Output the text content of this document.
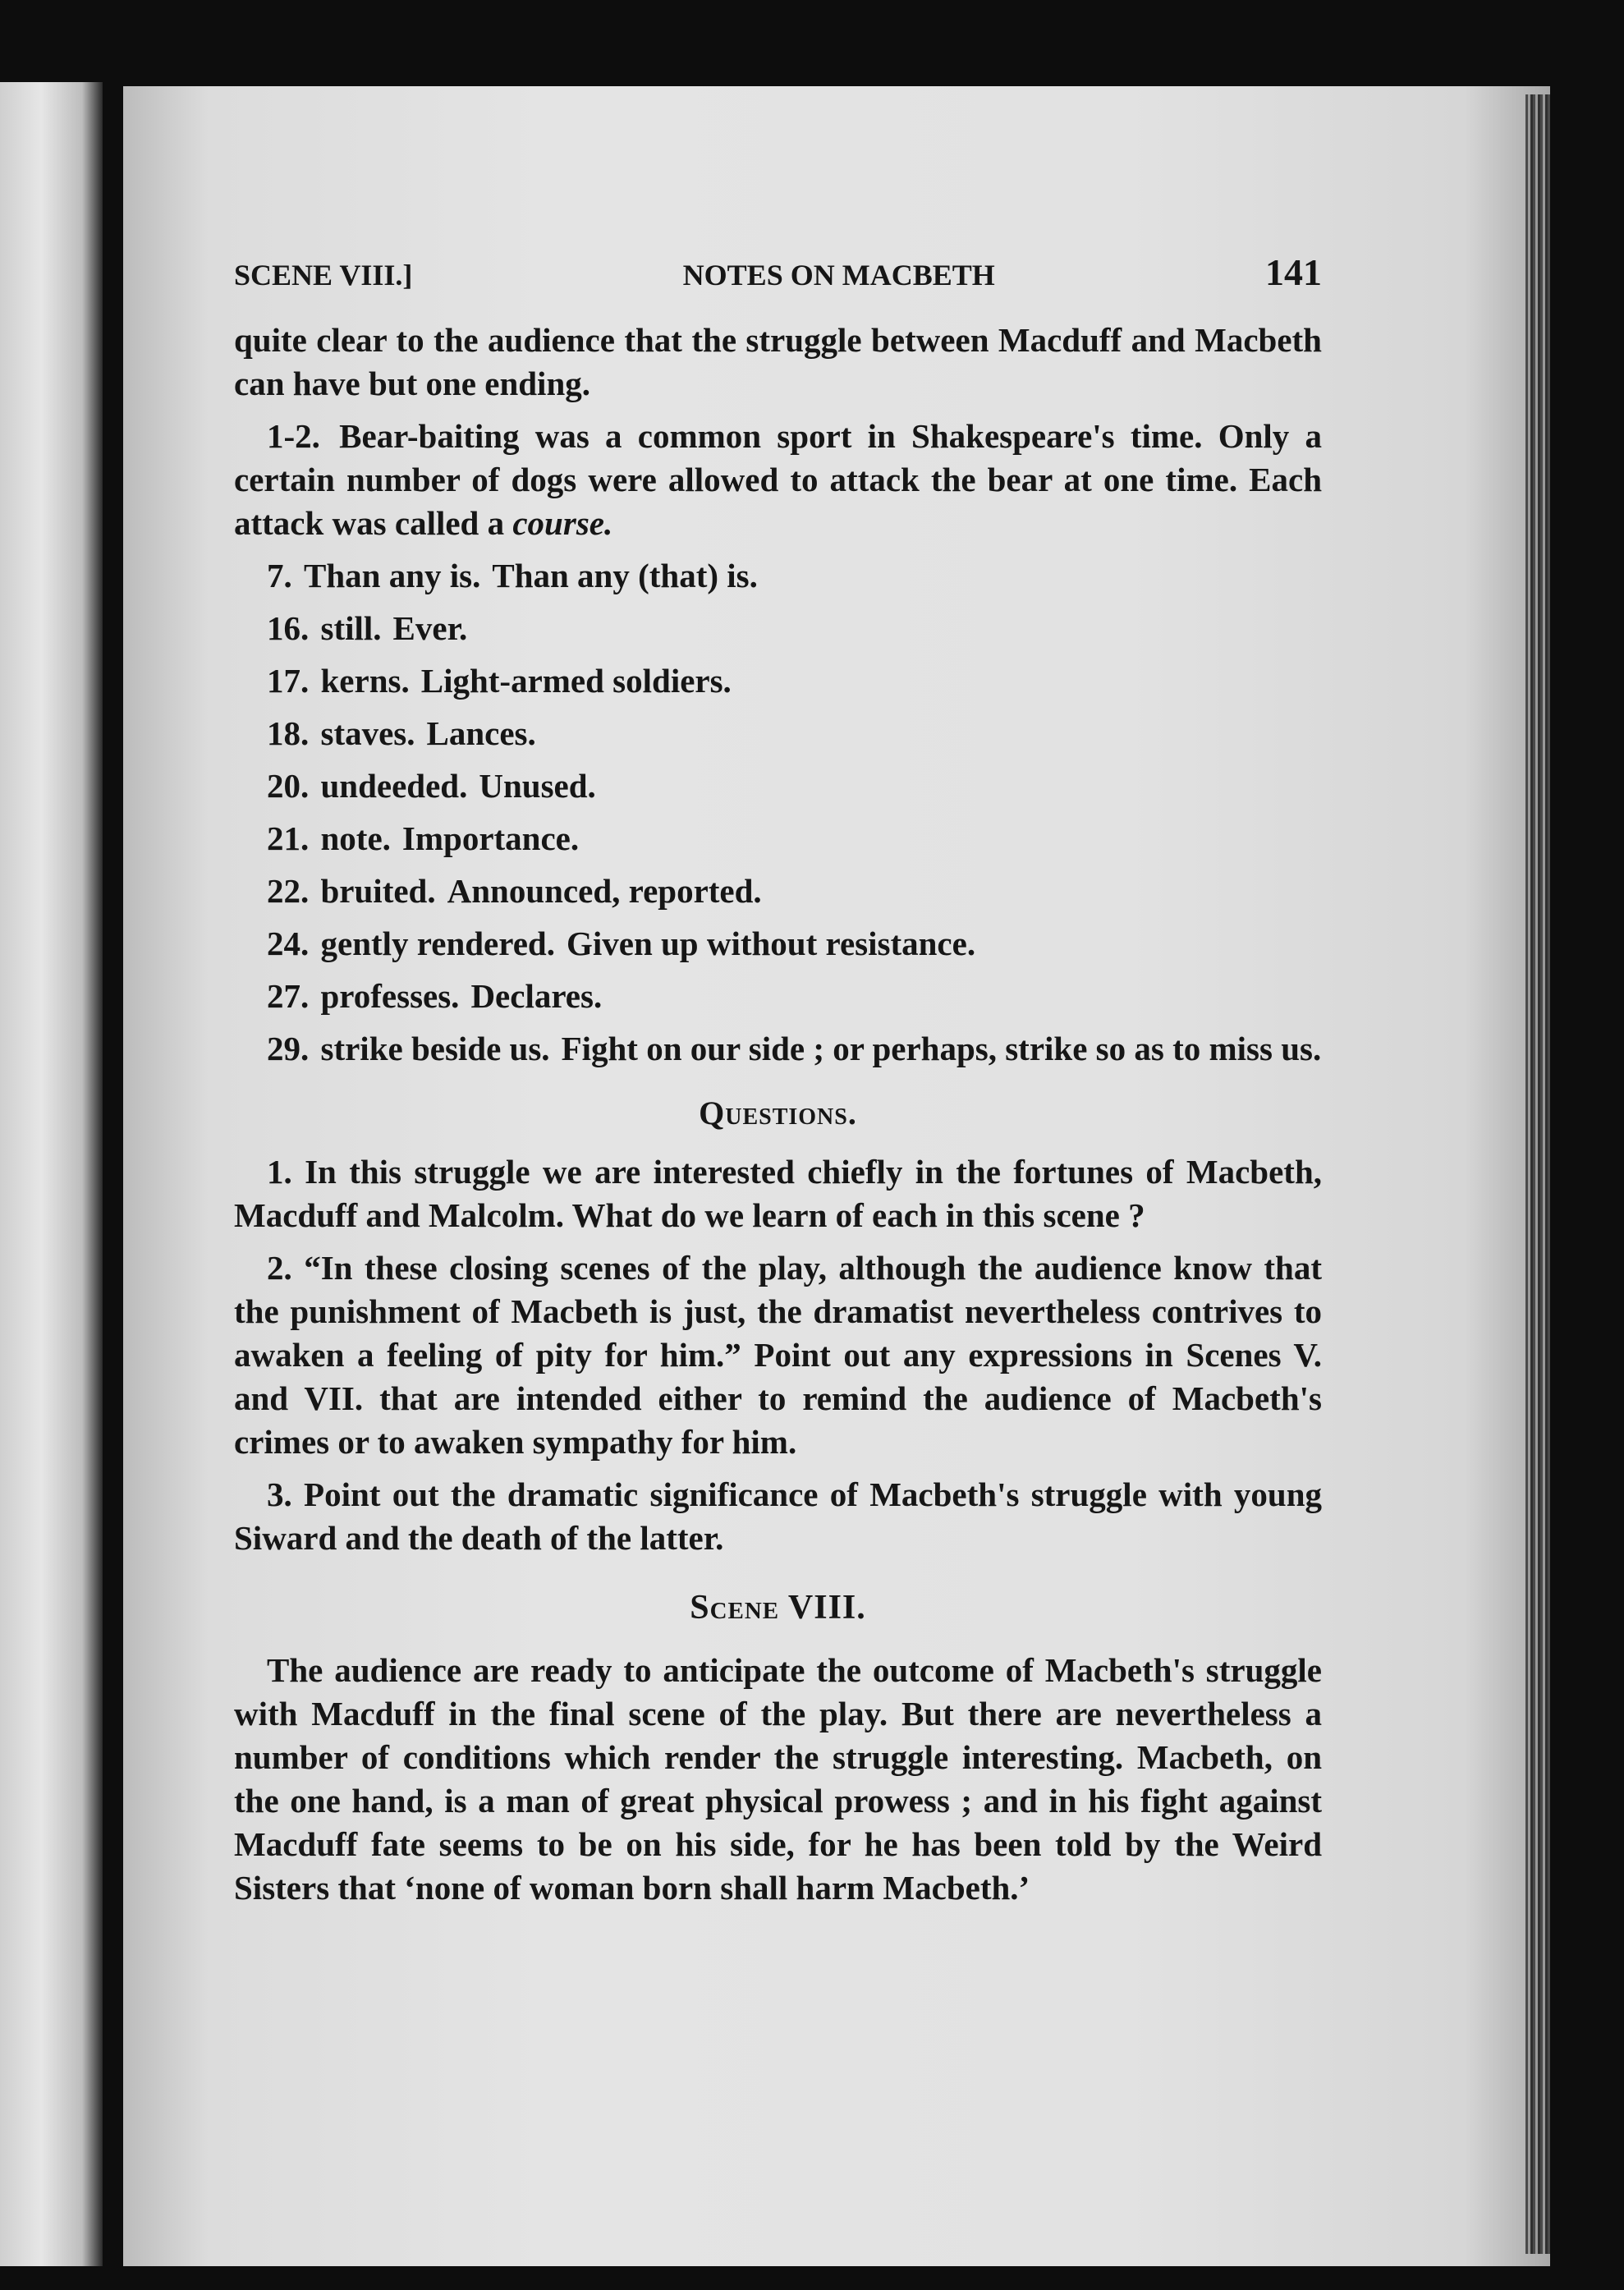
SCENE VIII.]	NOTES ON MACBETH	141

quite clear to the audience that the struggle between Macduff and Macbeth can have but one ending.

1-2. Bear-baiting was a common sport in Shakespeare's time. Only a certain number of dogs were allowed to attack the bear at one time. Each attack was called a course.

7. Than any is. Than any (that) is.

16. still. Ever.

17. kerns. Light-armed soldiers.

18. staves. Lances.

20. undeeded. Unused.

21. note. Importance.

22. bruited. Announced, reported.

24. gently rendered. Given up without resistance.

27. professes. Declares.

29. strike beside us. Fight on our side ; or perhaps, strike so as to miss us.

Questions.

1. In this struggle we are interested chiefly in the fortunes of Macbeth, Macduff and Malcolm. What do we learn of each in this scene ?

2. “In these closing scenes of the play, although the audience know that the punishment of Macbeth is just, the dramatist nevertheless contrives to awaken a feeling of pity for him.” Point out any expressions in Scenes V. and VII. that are intended either to remind the audience of Macbeth's crimes or to awaken sympathy for him.

3. Point out the dramatic significance of Macbeth's struggle with young Siward and the death of the latter.

Scene VIII.

The audience are ready to anticipate the outcome of Macbeth's struggle with Macduff in the final scene of the play. But there are nevertheless a number of conditions which render the struggle interesting. Macbeth, on the one hand, is a man of great physical prowess ; and in his fight against Macduff fate seems to be on his side, for he has been told by the Weird Sisters that ‘none of woman born shall harm Macbeth.’
